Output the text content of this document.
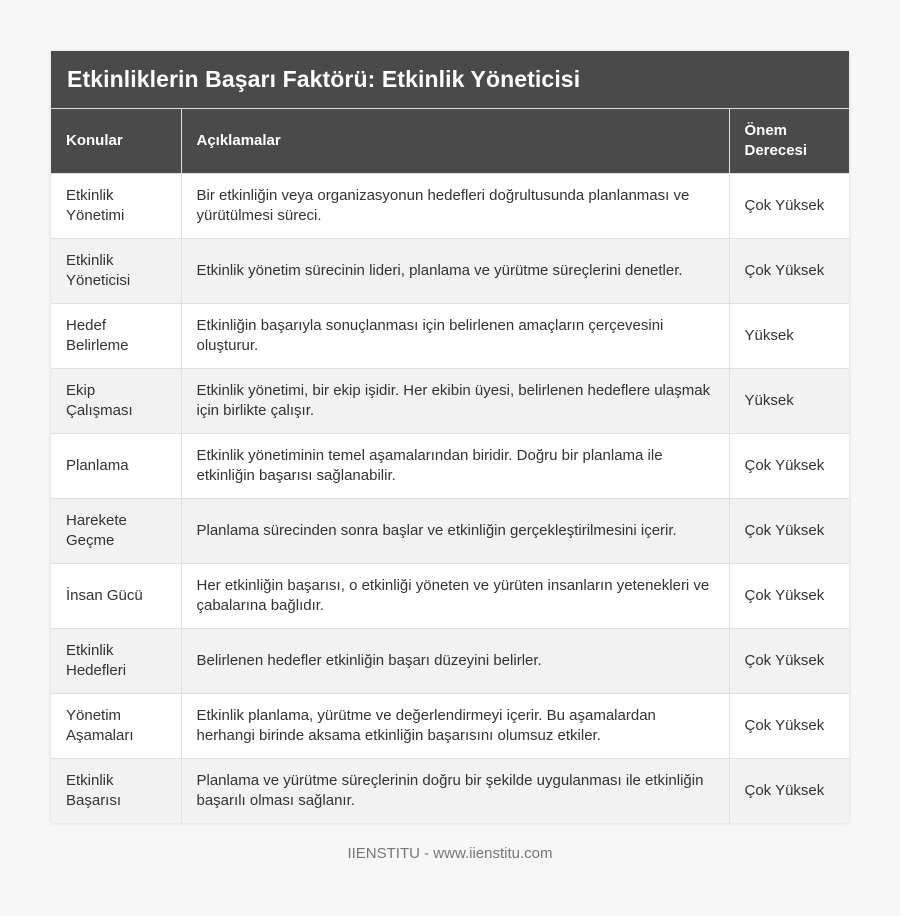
Etkinliklerin Başarı Faktörü: Etkinlik Yöneticisi
Konular	Açıklamalar	Önem Derecesi
Etkinlik Yönetimi	Bir etkinliğin veya organizasyonun hedefleri doğrultusunda planlanması ve yürütülmesi süreci.	Çok Yüksek
Etkinlik Yöneticisi	Etkinlik yönetim sürecinin lideri, planlama ve yürütme süreçlerini denetler.	Çok Yüksek
Hedef Belirleme	Etkinliğin başarıyla sonuçlanması için belirlenen amaçların çerçevesini oluşturur.	Yüksek
Ekip Çalışması	Etkinlik yönetimi, bir ekip işidir. Her ekibin üyesi, belirlenen hedeflere ulaşmak için birlikte çalışır.	Yüksek
Planlama	Etkinlik yönetiminin temel aşamalarından biridir. Doğru bir planlama ile etkinliğin başarısı sağlanabilir.	Çok Yüksek
Harekete Geçme	Planlama sürecinden sonra başlar ve etkinliğin gerçekleştirilmesini içerir.	Çok Yüksek
İnsan Gücü	Her etkinliğin başarısı, o etkinliği yöneten ve yürüten insanların yetenekleri ve çabalarına bağlıdır.	Çok Yüksek
Etkinlik Hedefleri	Belirlenen hedefler etkinliğin başarı düzeyini belirler.	Çok Yüksek
Yönetim Aşamaları	Etkinlik planlama, yürütme ve değerlendirmeyi içerir. Bu aşamalardan herhangi birinde aksama etkinliğin başarısını olumsuz etkiler.	Çok Yüksek
Etkinlik Başarısı	Planlama ve yürütme süreçlerinin doğru bir şekilde uygulanması ile etkinliğin başarılı olması sağlanır.	Çok Yüksek
IIENSTITU - www.iienstitu.com
